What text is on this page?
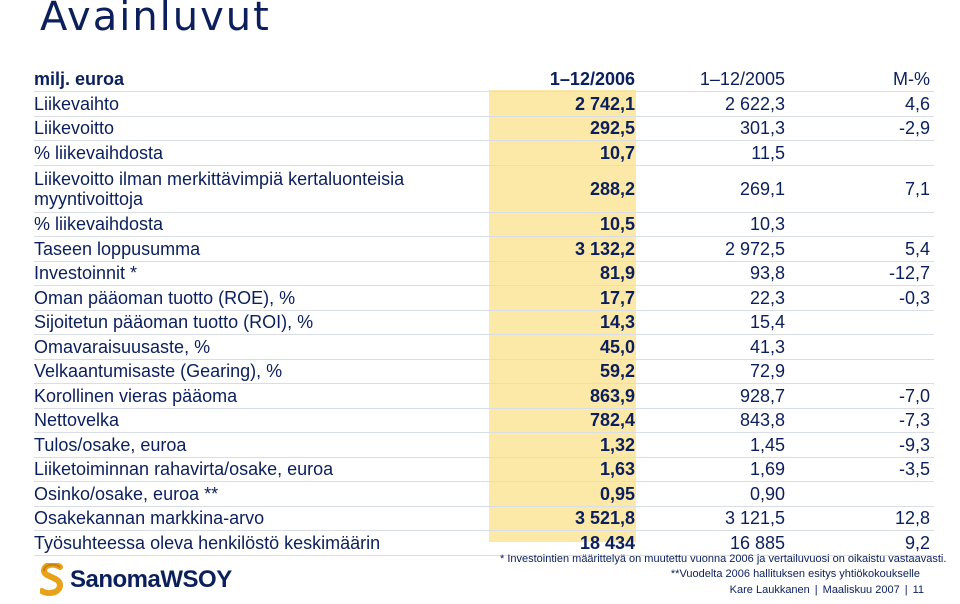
Avainluvut
milj. euroa	1–12/2006	1–12/2005	M-%
Liikevaihto	2 742,1	2 622,3	4,6
Liikevoitto	292,5	301,3	-2,9
% liikevaihdosta	10,7	11,5	
Liikevoitto ilman merkittävimpiä kertaluonteisia myyntivoittoja	288,2	269,1	7,1
% liikevaihdosta	10,5	10,3	
Taseen loppusumma	3 132,2	2 972,5	5,4
Investoinnit *	81,9	93,8	-12,7
Oman pääoman tuotto (ROE), %	17,7	22,3	-0,3
Sijoitetun pääoman tuotto (ROI), %	14,3	15,4	
Omavaraisuusaste, %	45,0	41,3	
Velkaantumisaste (Gearing), %	59,2	72,9	
Korollinen vieras pääoma	863,9	928,7	-7,0
Nettovelka	782,4	843,8	-7,3
Tulos/osake, euroa	1,32	1,45	-9,3
Liiketoiminnan rahavirta/osake, euroa	1,63	1,69	-3,5
Osinko/osake, euroa **	0,95	0,90	
Osakekannan markkina-arvo	3 521,8	3 121,5	12,8
Työsuhteessa oleva henkilöstö keskimäärin	18 434	16 885	9,2
* Investointien määrittelyä on muutettu vuonna 2006 ja vertailuvuosi on oikaistu vastaavasti.
**Vuodelta 2006 hallituksen esitys yhtiökokoukselle
SanomaWSOY	Kare Laukkanen | Maaliskuu 2007 | 11
